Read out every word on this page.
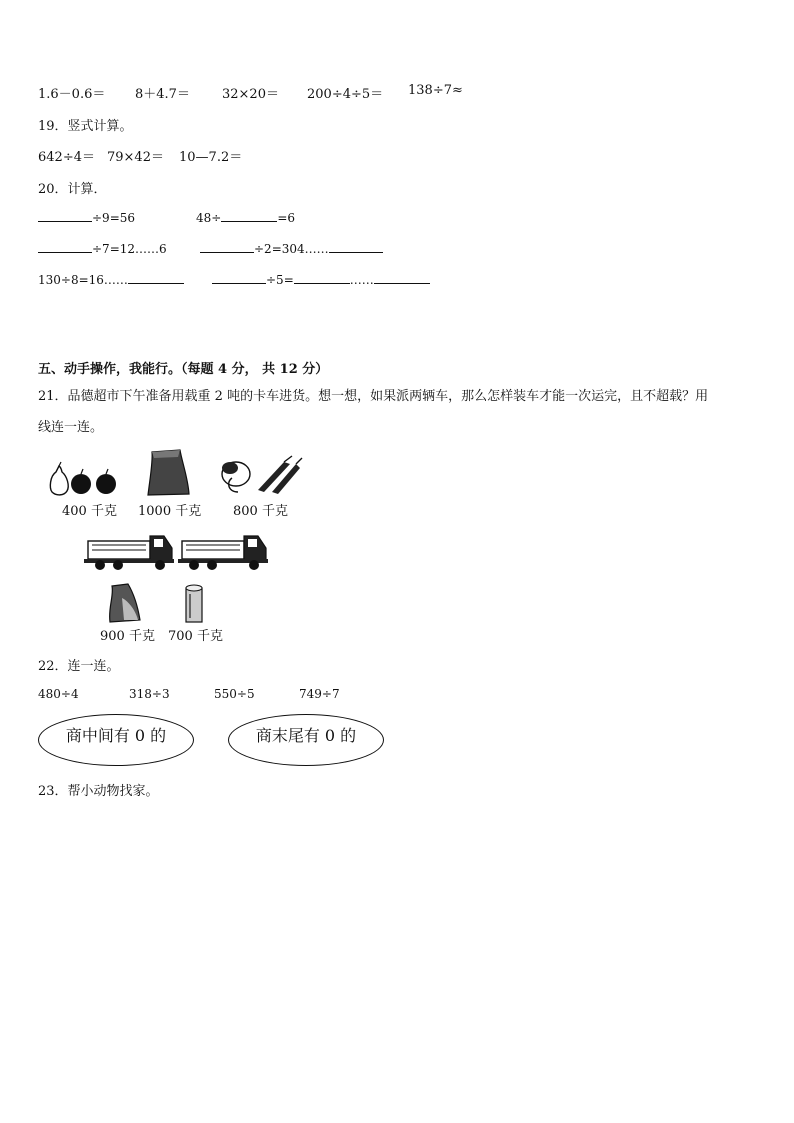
1.6－0.6＝ 8＋4.7＝ 32×20＝ 200÷4÷5＝ 138÷7≈
19．竖式计算。
642÷4＝ 79×42＝ 10—7.2＝
20．计算．
÷9=56	48÷	=6
÷7=12……6	÷2=304……
130÷8=16……	÷5=	……
五、动手操作，我能行。（每题 4 分， 共 12 分）
21．品德超市下午准备用载重 2 吨的卡车进货。想一想，如果派两辆车，那么怎样装车才能一次运完，且不超载？用
线连一连。
400 千克 1000 千克 800 千克
900 千克 700 千克
22．连一连。
480÷4	318÷3	550÷5	749÷7
商中间有 0 的	商末尾有 0 的
23．帮小动物找家。
